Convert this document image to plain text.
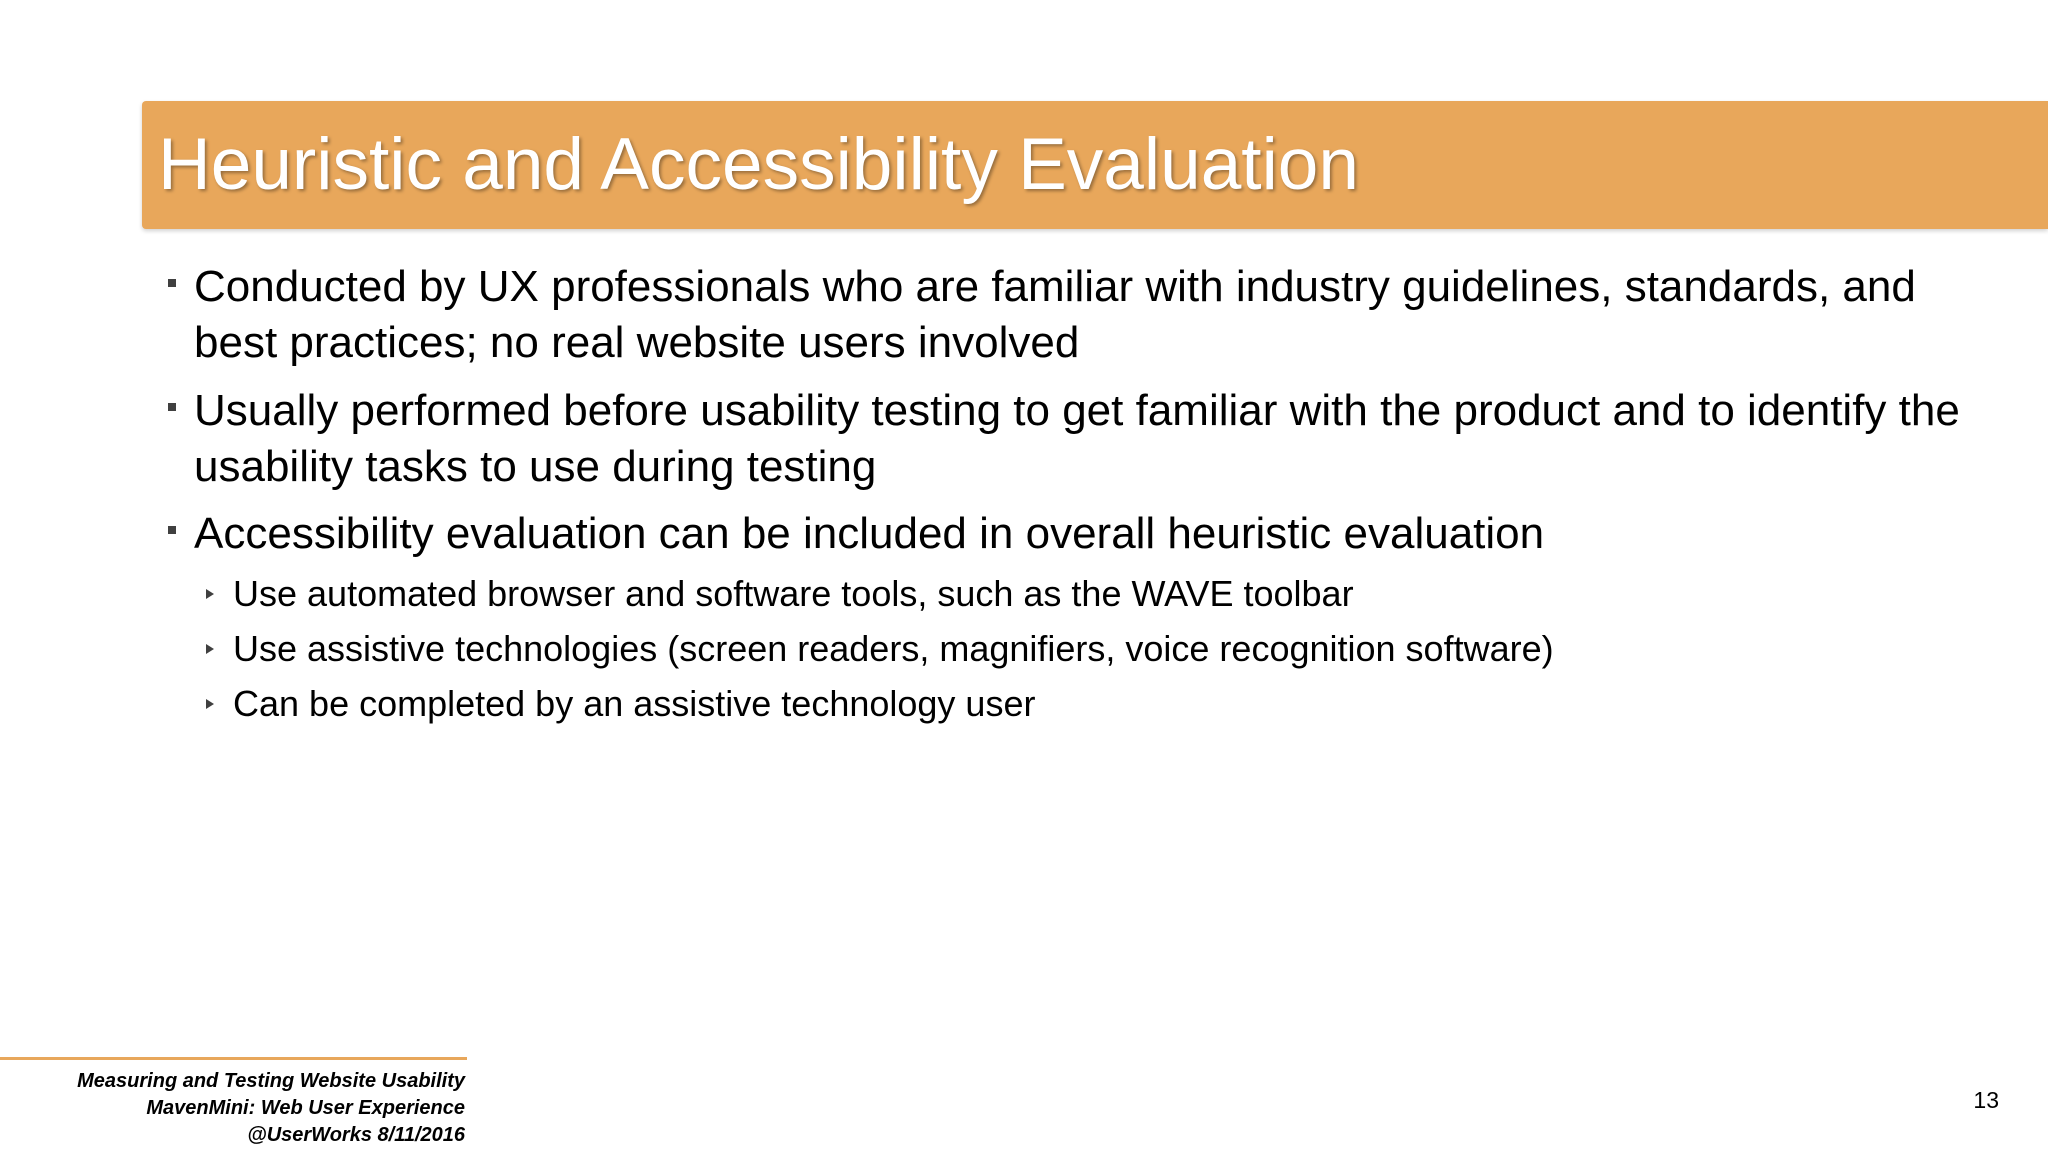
Heuristic and Accessibility Evaluation
Conducted by UX professionals who are familiar with industry guidelines, standards, and best practices; no real website users involved
Usually performed before usability testing to get familiar with the product and to identify the usability tasks to use during testing
Accessibility evaluation can be included in overall heuristic evaluation
Use automated browser and software tools, such as the WAVE toolbar
Use assistive technologies (screen readers, magnifiers, voice recognition software)
Can be completed by an assistive technology user
Measuring and Testing Website Usability
MavenMini: Web User Experience
@UserWorks 8/11/2016
13
